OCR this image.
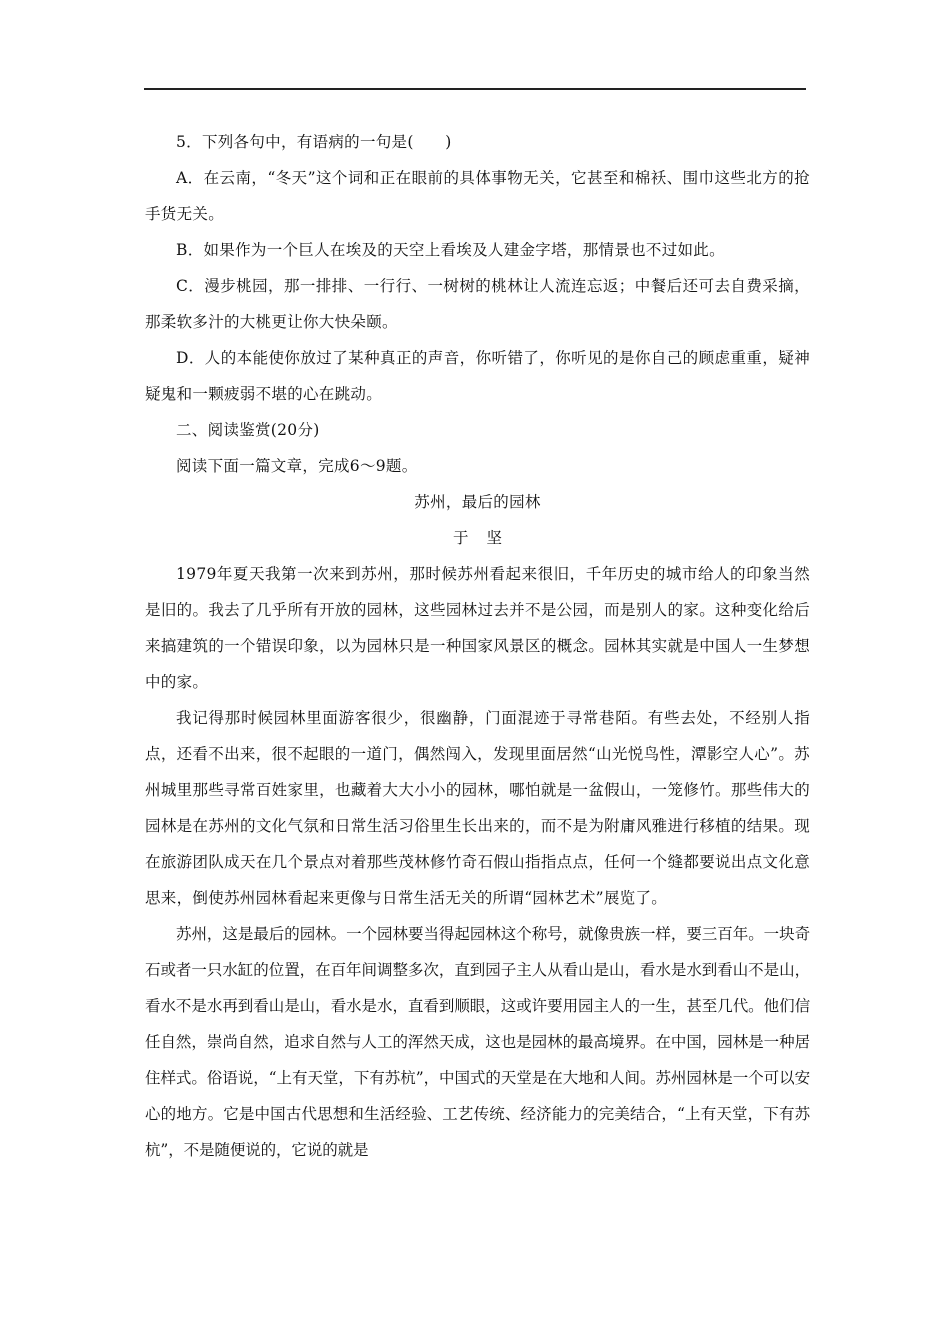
5．下列各句中，有语病的一句是(　　)

A．在云南，“冬天”这个词和正在眼前的具体事物无关，它甚至和棉袄、围巾这些北方的抢手货无关。

B．如果作为一个巨人在埃及的天空上看埃及人建金字塔，那情景也不过如此。

C．漫步桃园，那一排排、一行行、一树树的桃林让人流连忘返；中餐后还可去自费采摘，那柔软多汁的大桃更让你大快朵颐。

D．人的本能使你放过了某种真正的声音，你听错了，你听见的是你自己的顾虑重重，疑神疑鬼和一颗疲弱不堪的心在跳动。

二、阅读鉴赏(20分)

阅读下面一篇文章，完成6～9题。

苏州，最后的园林

于坚

1979年夏天我第一次来到苏州，那时候苏州看起来很旧，千年历史的城市给人的印象当然是旧的。我去了几乎所有开放的园林，这些园林过去并不是公园，而是别人的家。这种变化给后来搞建筑的一个错误印象，以为园林只是一种国家风景区的概念。园林其实就是中国人一生梦想中的家。

我记得那时候园林里面游客很少，很幽静，门面混迹于寻常巷陌。有些去处，不经别人指点，还看不出来，很不起眼的一道门，偶然闯入，发现里面居然“山光悦鸟性，潭影空人心”。苏州城里那些寻常百姓家里，也藏着大大小小的园林，哪怕就是一盆假山，一笼修竹。那些伟大的园林是在苏州的文化气氛和日常生活习俗里生长出来的，而不是为附庸风雅进行移植的结果。现在旅游团队成天在几个景点对着那些茂林修竹奇石假山指指点点，任何一个缝都要说出点文化意思来，倒使苏州园林看起来更像与日常生活无关的所谓“园林艺术”展览了。

苏州，这是最后的园林。一个园林要当得起园林这个称号，就像贵族一样，要三百年。一块奇石或者一只水缸的位置，在百年间调整多次，直到园子主人从看山是山，看水是水到看山不是山，看水不是水再到看山是山，看水是水，直看到顺眼，这或许要用园主人的一生，甚至几代。他们信任自然，崇尚自然，追求自然与人工的浑然天成，这也是园林的最高境界。在中国，园林是一种居住样式。俗语说，“上有天堂，下有苏杭”，中国式的天堂是在大地和人间。苏州园林是一个可以安心的地方。它是中国古代思想和生活经验、工艺传统、经济能力的完美结合，“上有天堂，下有苏杭”，不是随便说的，它说的就是
